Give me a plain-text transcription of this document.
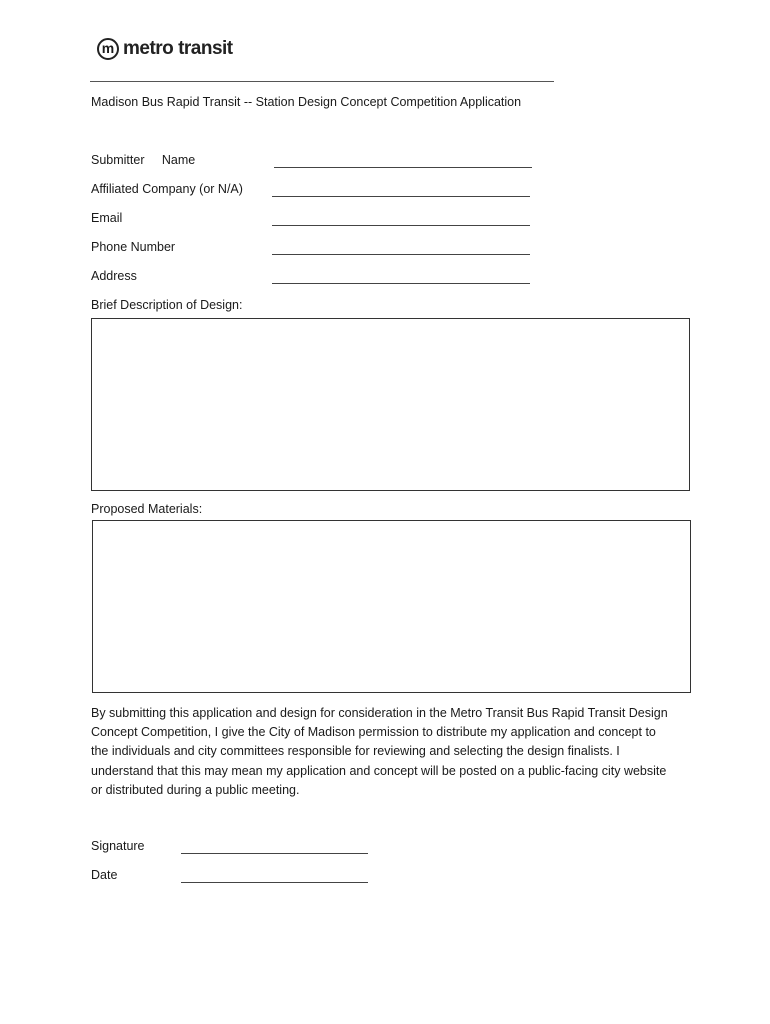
m metro transit
Madison Bus Rapid Transit -- Station Design Concept Competition Application
Submitter     Name
Affiliated Company (or N/A)
Email
Phone Number
Address
Brief Description of Design:
Proposed Materials:
By submitting this application and design for consideration in the Metro Transit Bus Rapid Transit Design Concept Competition, I give the City of Madison permission to distribute my application and concept to the individuals and city committees responsible for reviewing and selecting the design finalists. I understand that this may mean my application and concept will be posted on a public-facing city website or distributed during a public meeting.
Signature
Date
